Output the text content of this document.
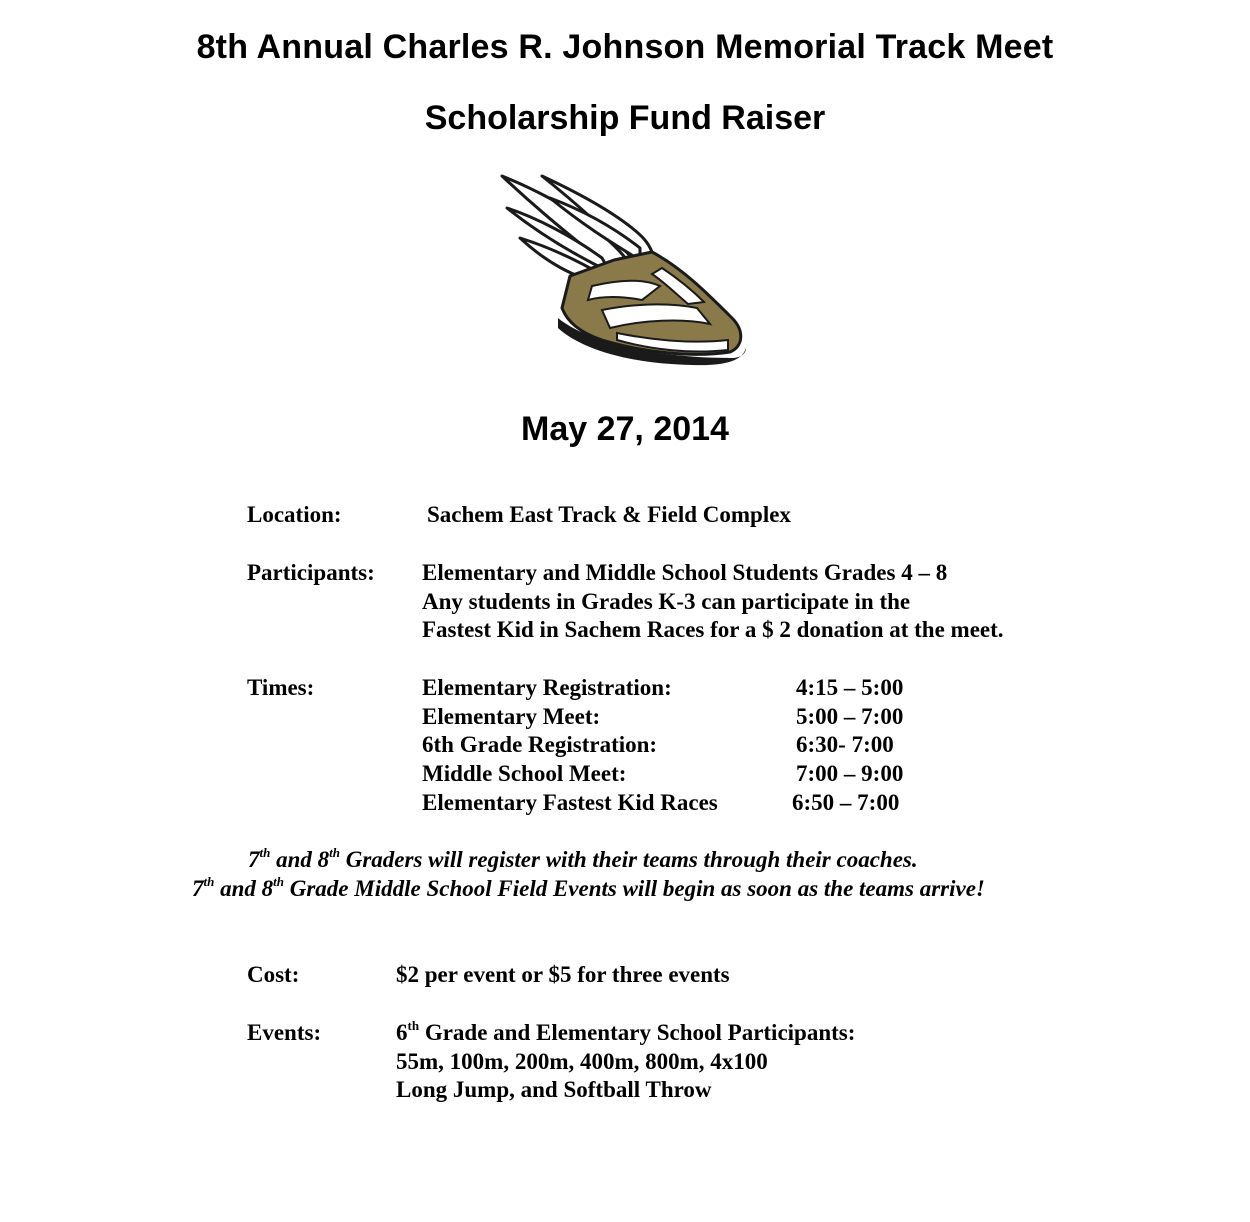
8th Annual Charles R. Johnson Memorial Track Meet
Scholarship Fund Raiser
May 27, 2014
Location:	Sachem East Track & Field Complex
Participants: Elementary and Middle School Students Grades 4 – 8
Any students in Grades K-3 can participate in the
Fastest Kid in Sachem Races for a $ 2 donation at the meet.
Times:	Elementary Registration:	4:15 – 5:00
Elementary Meet:	5:00 – 7:00
6th Grade Registration:	6:30- 7:00
Middle School Meet:	7:00 – 9:00
Elementary Fastest Kid Races	6:50 – 7:00
7th and 8th Graders will register with their teams through their coaches.
7th and 8th Grade Middle School Field Events will begin as soon as the teams arrive!
Cost:	$2 per event or $5 for three events
Events:	6th Grade and Elementary School Participants:
55m, 100m, 200m, 400m, 800m, 4x100
Long Jump, and Softball Throw
